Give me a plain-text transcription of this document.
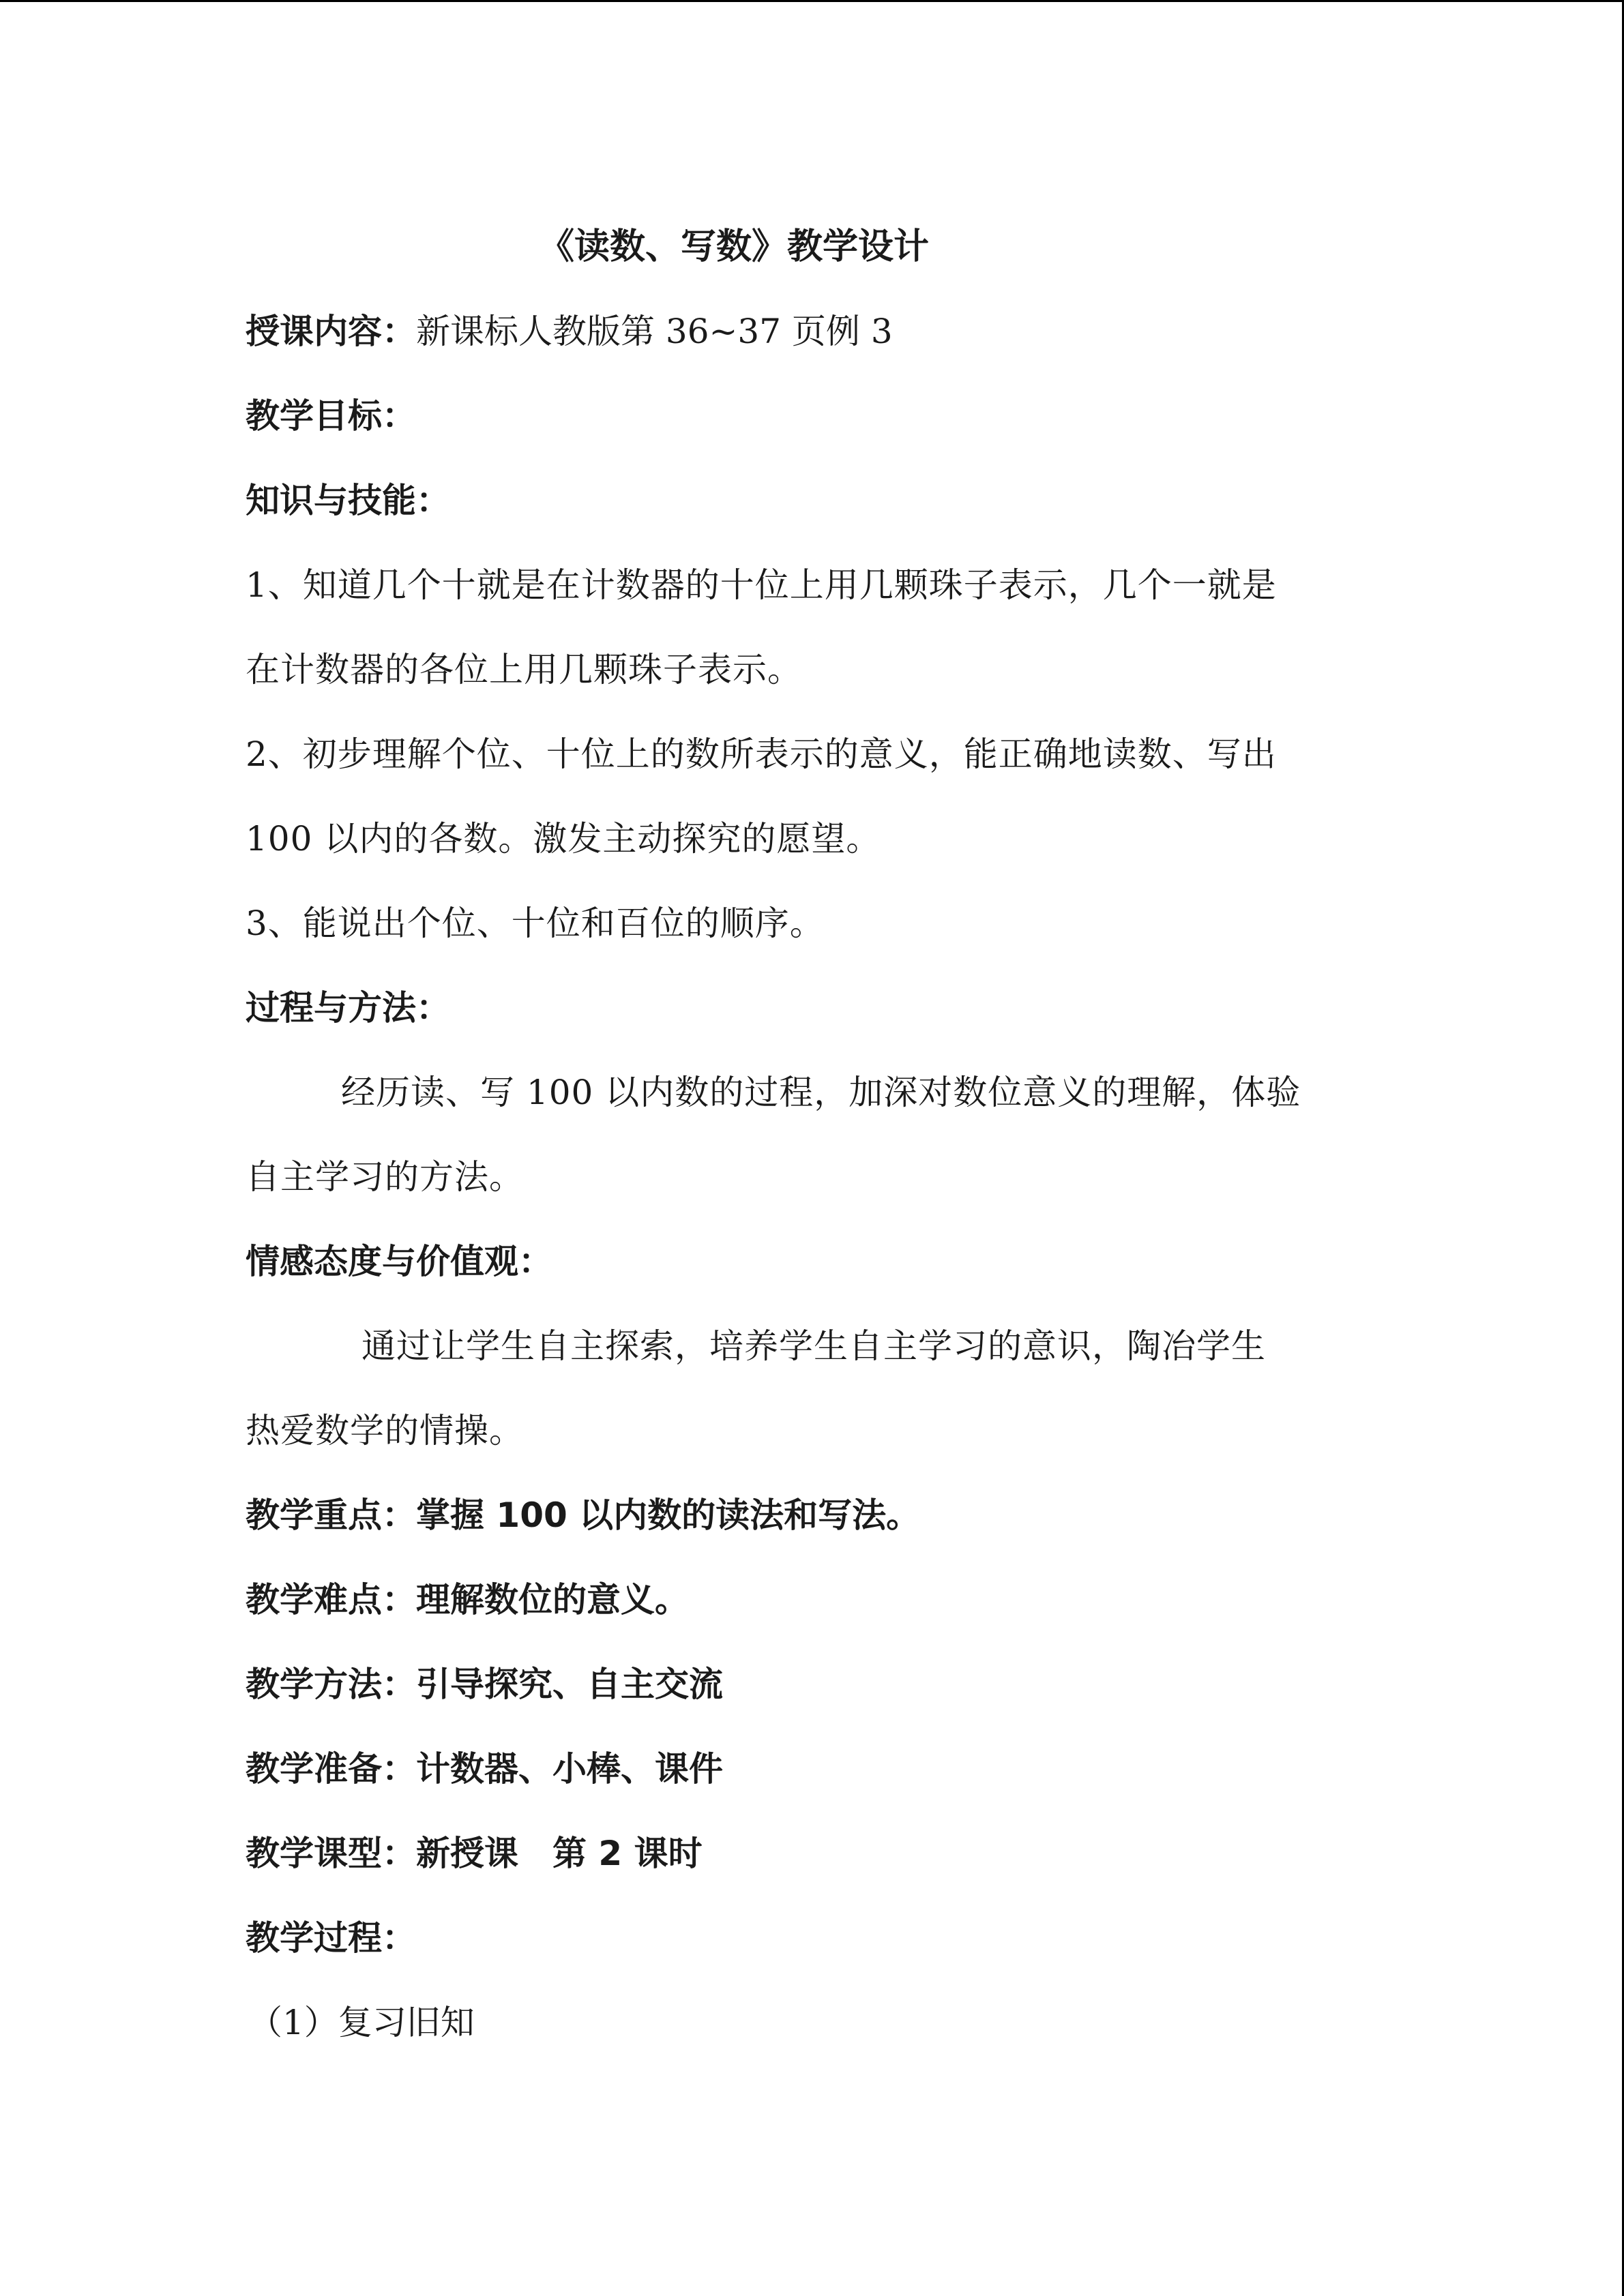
《读数、写数》教学设计
授课内容：新课标人教版第 36~37 页例 3
教学目标：
知识与技能：
1、知道几个十就是在计数器的十位上用几颗珠子表示，几个一就是
在计数器的各位上用几颗珠子表示。
2、初步理解个位、十位上的数所表示的意义，能正确地读数、写出
100 以内的各数。激发主动探究的愿望。
3、能说出个位、十位和百位的顺序。
过程与方法：
经历读、写 100 以内数的过程，加深对数位意义的理解，体验
自主学习的方法。
情感态度与价值观：
通过让学生自主探索，培养学生自主学习的意识，陶冶学生
热爱数学的情操。
教学重点：掌握 100 以内数的读法和写法。
教学难点：理解数位的意义。
教学方法：引导探究、自主交流
教学准备：计数器、小棒、课件
教学课型：新授课　第 2 课时
教学过程：
（1）复习旧知
